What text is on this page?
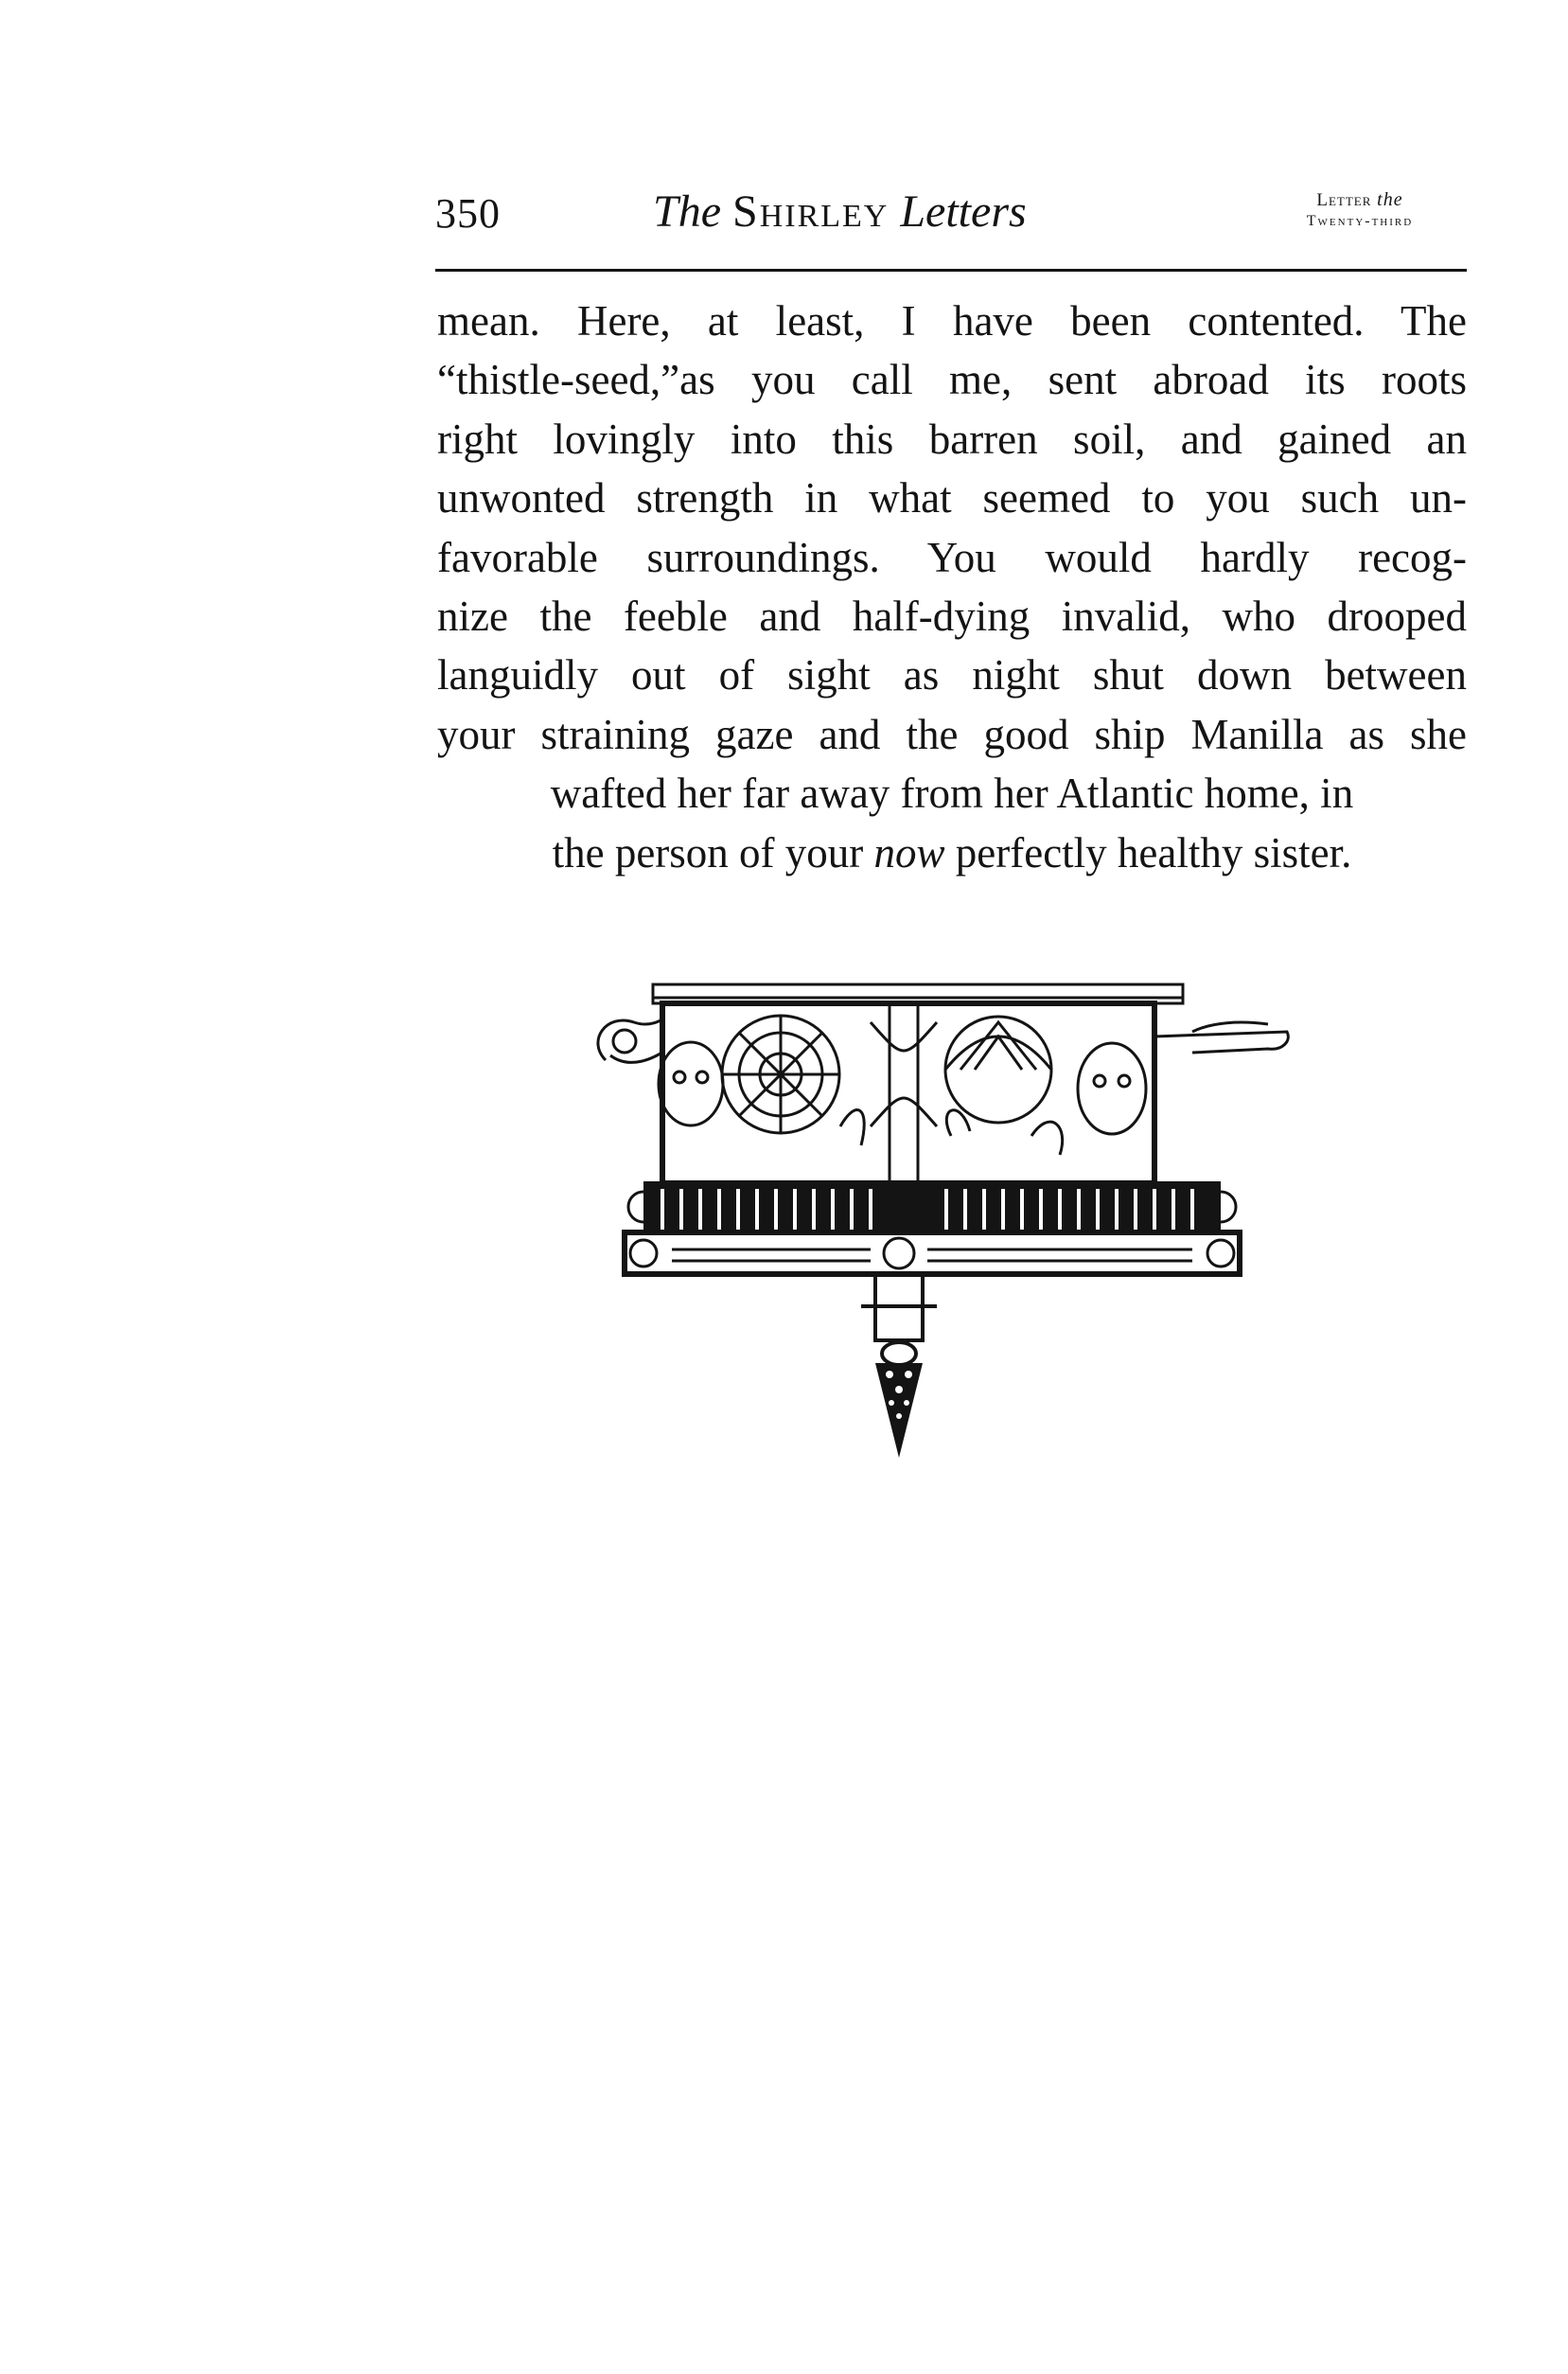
350	The Shirley Letters	Letter the
Twenty-third
mean. Here, at least, I have been contented. The
“thistle-seed,”as you call me, sent abroad its roots
right lovingly into this barren soil, and gained an
unwonted strength in what seemed to you such un-
favorable surroundings. You would hardly recog-
nize the feeble and half-dying invalid, who drooped
languidly out of sight as night shut down between
your straining gaze and the good ship Manilla as she
wafted her far away from her Atlantic home, in
the person of your now perfectly healthy sister.
